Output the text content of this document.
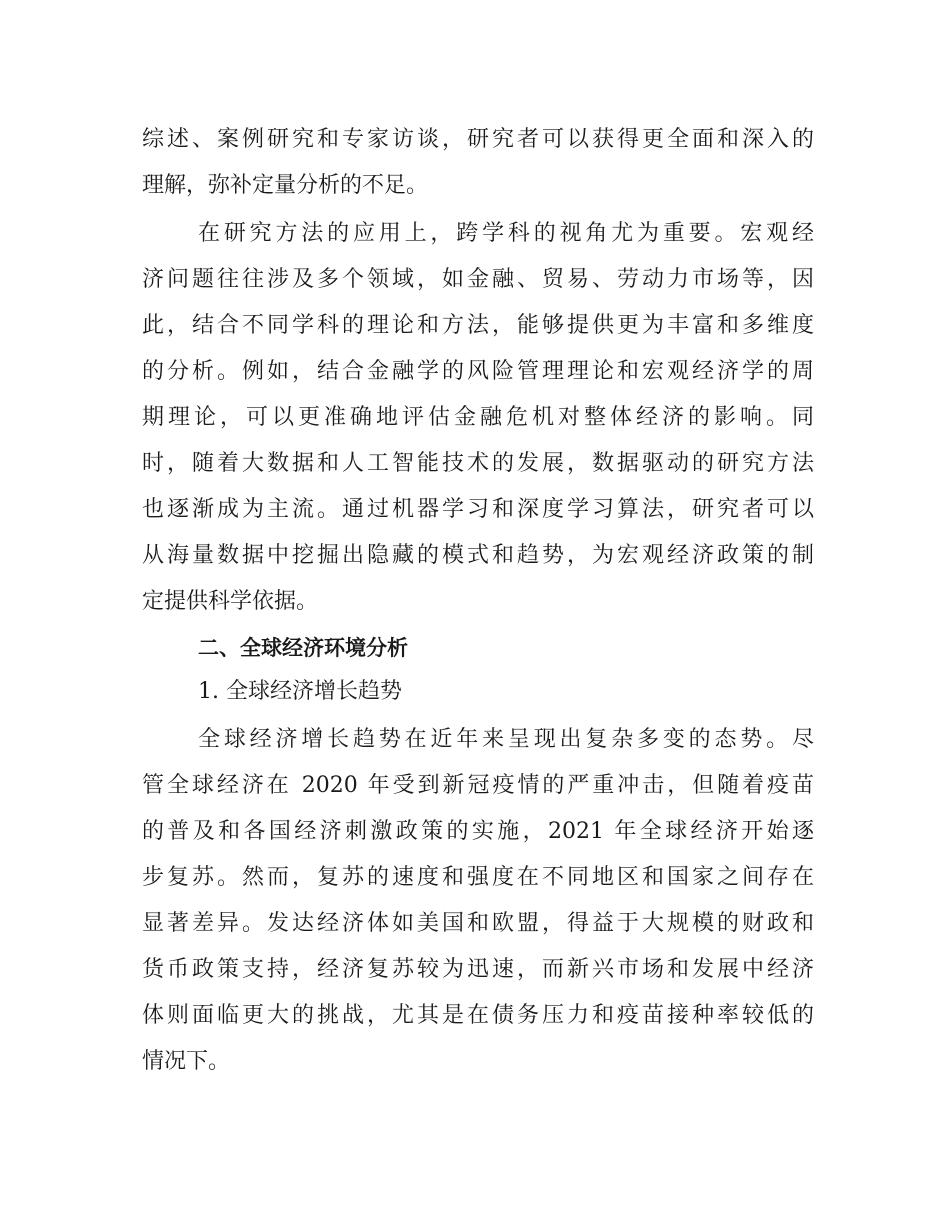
综述、案例研究和专家访谈，研究者可以获得更全面和深入的
理解，弥补定量分析的不足。
在研究方法的应用上，跨学科的视角尤为重要。宏观经
济问题往往涉及多个领域，如金融、贸易、劳动力市场等，因
此，结合不同学科的理论和方法，能够提供更为丰富和多维度
的分析。例如，结合金融学的风险管理理论和宏观经济学的周
期理论，可以更准确地评估金融危机对整体经济的影响。同
时，随着大数据和人工智能技术的发展，数据驱动的研究方法
也逐渐成为主流。通过机器学习和深度学习算法，研究者可以
从海量数据中挖掘出隐藏的模式和趋势，为宏观经济政策的制
定提供科学依据。
二、全球经济环境分析
1. 全球经济增长趋势
全球经济增长趋势在近年来呈现出复杂多变的态势。尽
管全球经济在 2020 年受到新冠疫情的严重冲击，但随着疫苗
的普及和各国经济刺激政策的实施，2021 年全球经济开始逐
步复苏。然而，复苏的速度和强度在不同地区和国家之间存在
显著差异。发达经济体如美国和欧盟，得益于大规模的财政和
货币政策支持，经济复苏较为迅速，而新兴市场和发展中经济
体则面临更大的挑战，尤其是在债务压力和疫苗接种率较低的
情况下。
